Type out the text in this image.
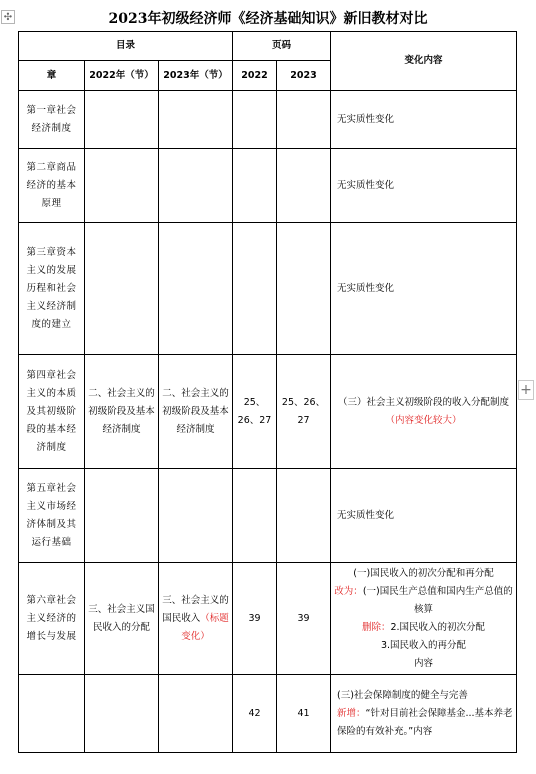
✣
+
2023年初级经济师《经济基础知识》新旧教材对比
目录			页码		变化内容
章	2022年（节）	2023年（节）	2022	2023	
第一章社会经济制度					无实质性变化
第二章商品经济的基本原理					无实质性变化
第三章资本主义的发展历程和社会主义经济制度的建立					无实质性变化
第四章社会主义的本质及其初级阶段的基本经济制度	二、社会主义的初级阶段及基本经济制度	二、社会主义的初级阶段及基本经济制度	25、26、27	25、26、27	（三）社会主义初级阶段的收入分配制度
（内容变化较大）

第五章社会主义市场经济体制及其运行基础					无实质性变化
第六章社会主义经济的增长与发展	三、社会主义国民收入的分配	三、社会主义的国民收入（标题变化）	39	39	(一)国民收入的初次分配和再分配
改为：(一)国民生产总值和国内生产总值的核算
删除：2.国民收入的初次分配
3.国民收入的再分配
内容

			42	41	(三)社会保障制度的健全与完善
新增：“针对目前社会保障基金...基本养老保险的有效补充。”内容
